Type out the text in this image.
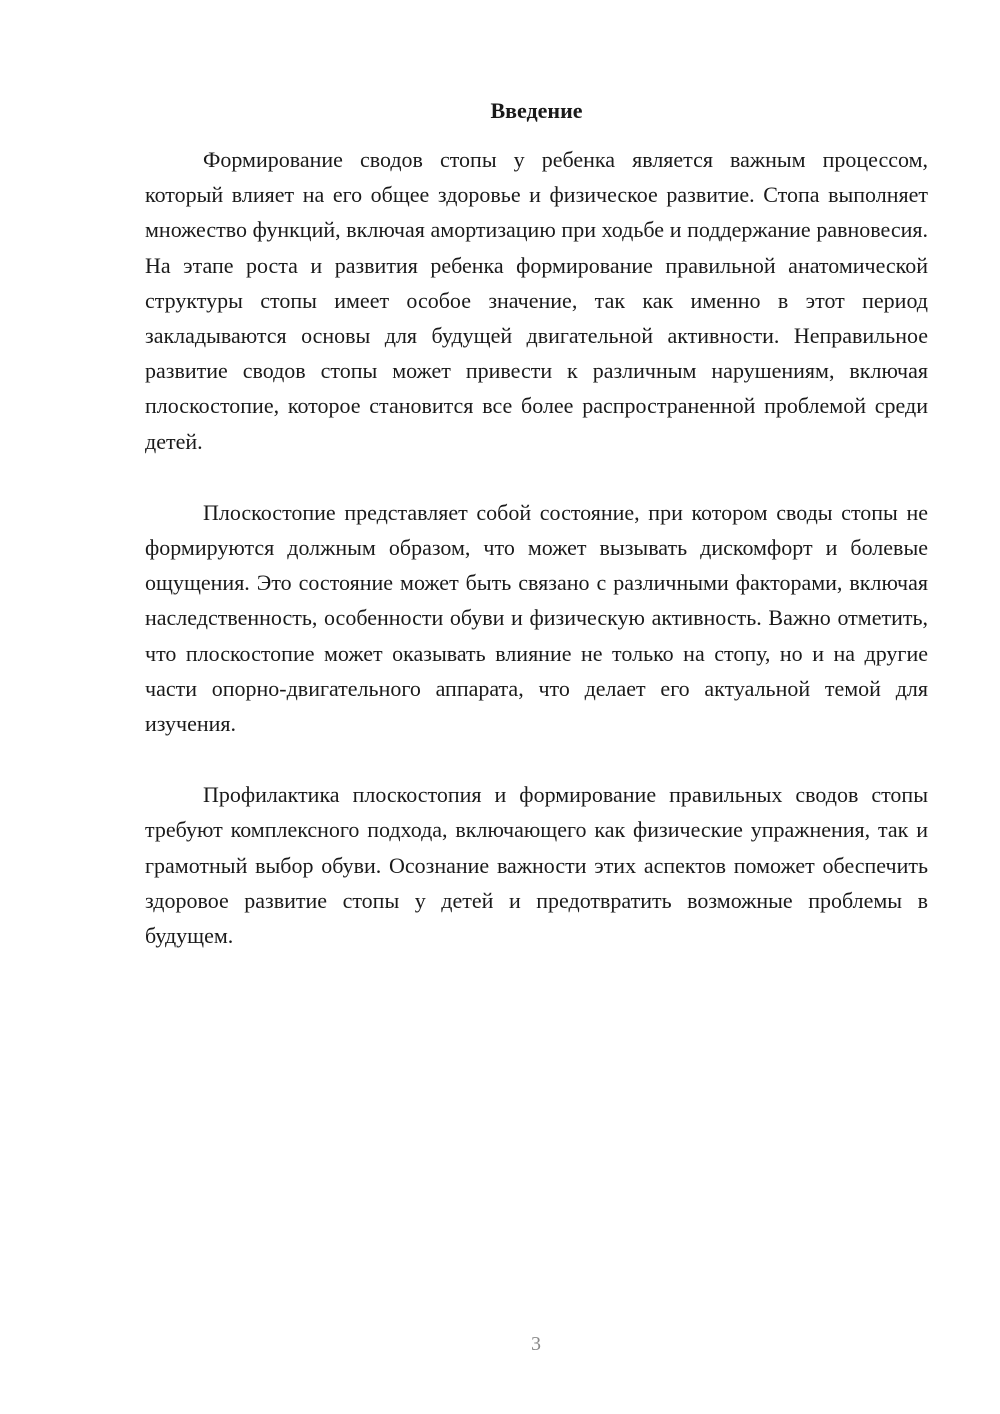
Введение

Формирование сводов стопы у ребенка является важным процессом, который влияет на его общее здоровье и физическое развитие. Стопа выполняет множество функций, включая амортизацию при ходьбе и поддержание равновесия. На этапе роста и развития ребенка формирование правильной анатомической структуры стопы имеет особое значение, так как именно в этот период закладываются основы для будущей двигательной активности. Неправильное развитие сводов стопы может привести к различным нарушениям, включая плоскостопие, которое становится все более распространенной проблемой среди детей.

Плоскостопие представляет собой состояние, при котором своды стопы не формируются должным образом, что может вызывать дискомфорт и болевые ощущения. Это состояние может быть связано с различными факторами, включая наследственность, особенности обуви и физическую активность. Важно отметить, что плоскостопие может оказывать влияние не только на стопу, но и на другие части опорно-двигательного аппарата, что делает его актуальной темой для изучения.

Профилактика плоскостопия и формирование правильных сводов стопы требуют комплексного подхода, включающего как физические упражнения, так и грамотный выбор обуви. Осознание важности этих аспектов поможет обеспечить здоровое развитие стопы у детей и предотвратить возможные проблемы в будущем.

3
